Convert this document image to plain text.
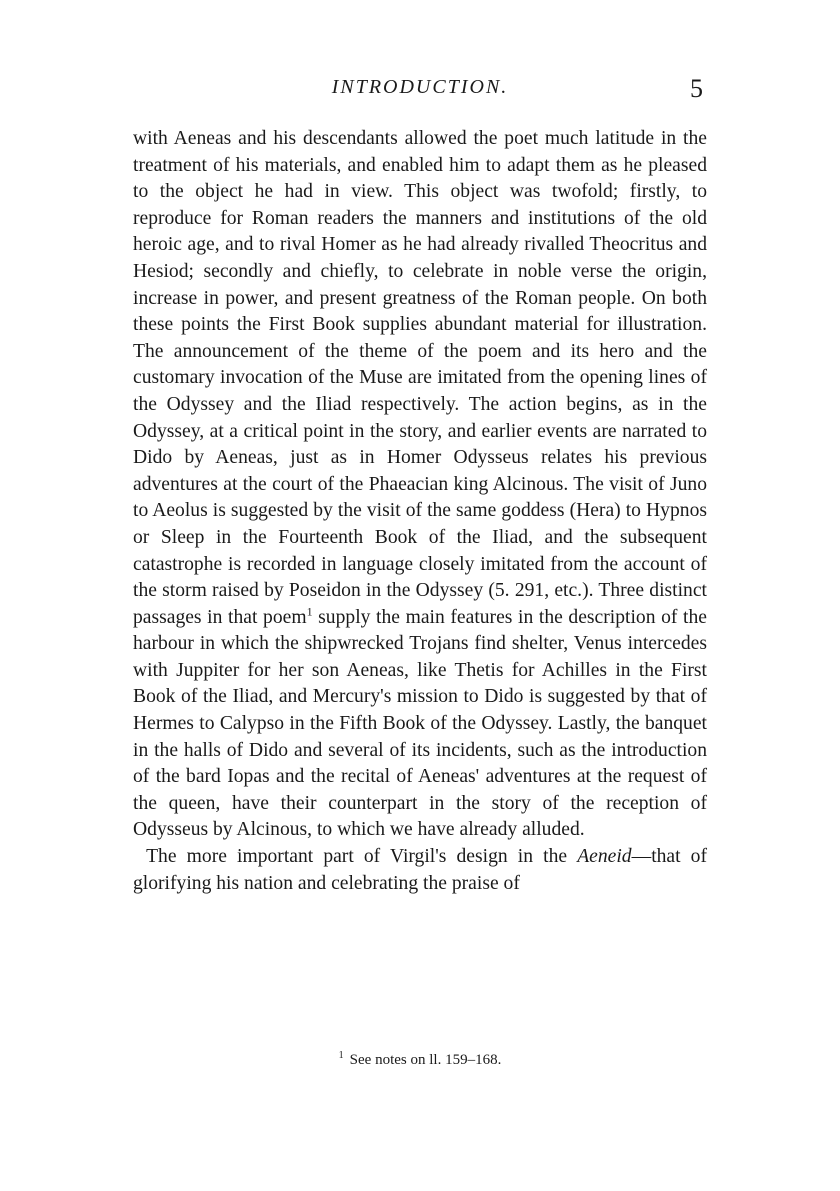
INTRODUCTION.	5

with Aeneas and his descendants allowed the poet much latitude in the treatment of his materials, and enabled him to adapt them as he pleased to the object he had in view. This object was twofold; firstly, to reproduce for Roman readers the manners and institutions of the old heroic age, and to rival Homer as he had already rivalled Theocritus and Hesiod; secondly and chiefly, to celebrate in noble verse the origin, increase in power, and present greatness of the Roman people. On both these points the First Book supplies abundant material for illustration. The announcement of the theme of the poem and its hero and the customary invocation of the Muse are imitated from the opening lines of the Odyssey and the Iliad respectively. The action begins, as in the Odyssey, at a critical point in the story, and earlier events are narrated to Dido by Aeneas, just as in Homer Odysseus relates his previous adventures at the court of the Phaeacian king Alcinous. The visit of Juno to Aeolus is suggested by the visit of the same goddess (Hera) to Hypnos or Sleep in the Fourteenth Book of the Iliad, and the subsequent catastrophe is recorded in language closely imitated from the account of the storm raised by Poseidon in the Odyssey (5. 291, etc.). Three distinct passages in that poem$^1$ supply the main features in the description of the harbour in which the shipwrecked Trojans find shelter, Venus intercedes with Juppiter for her son Aeneas, like Thetis for Achilles in the First Book of the Iliad, and Mercury's mission to Dido is suggested by that of Hermes to Calypso in the Fifth Book of the Odyssey. Lastly, the banquet in the halls of Dido and several of its incidents, such as the introduction of the bard Iopas and the recital of Aeneas' adventures at the request of the queen, have their counterpart in the story of the reception of Odysseus by Alcinous, to which we have already alluded.

  The more important part of Virgil's design in the Aeneid—that of glorifying his nation and celebrating the praise of

$^1$ See notes on ll. 159–168.
